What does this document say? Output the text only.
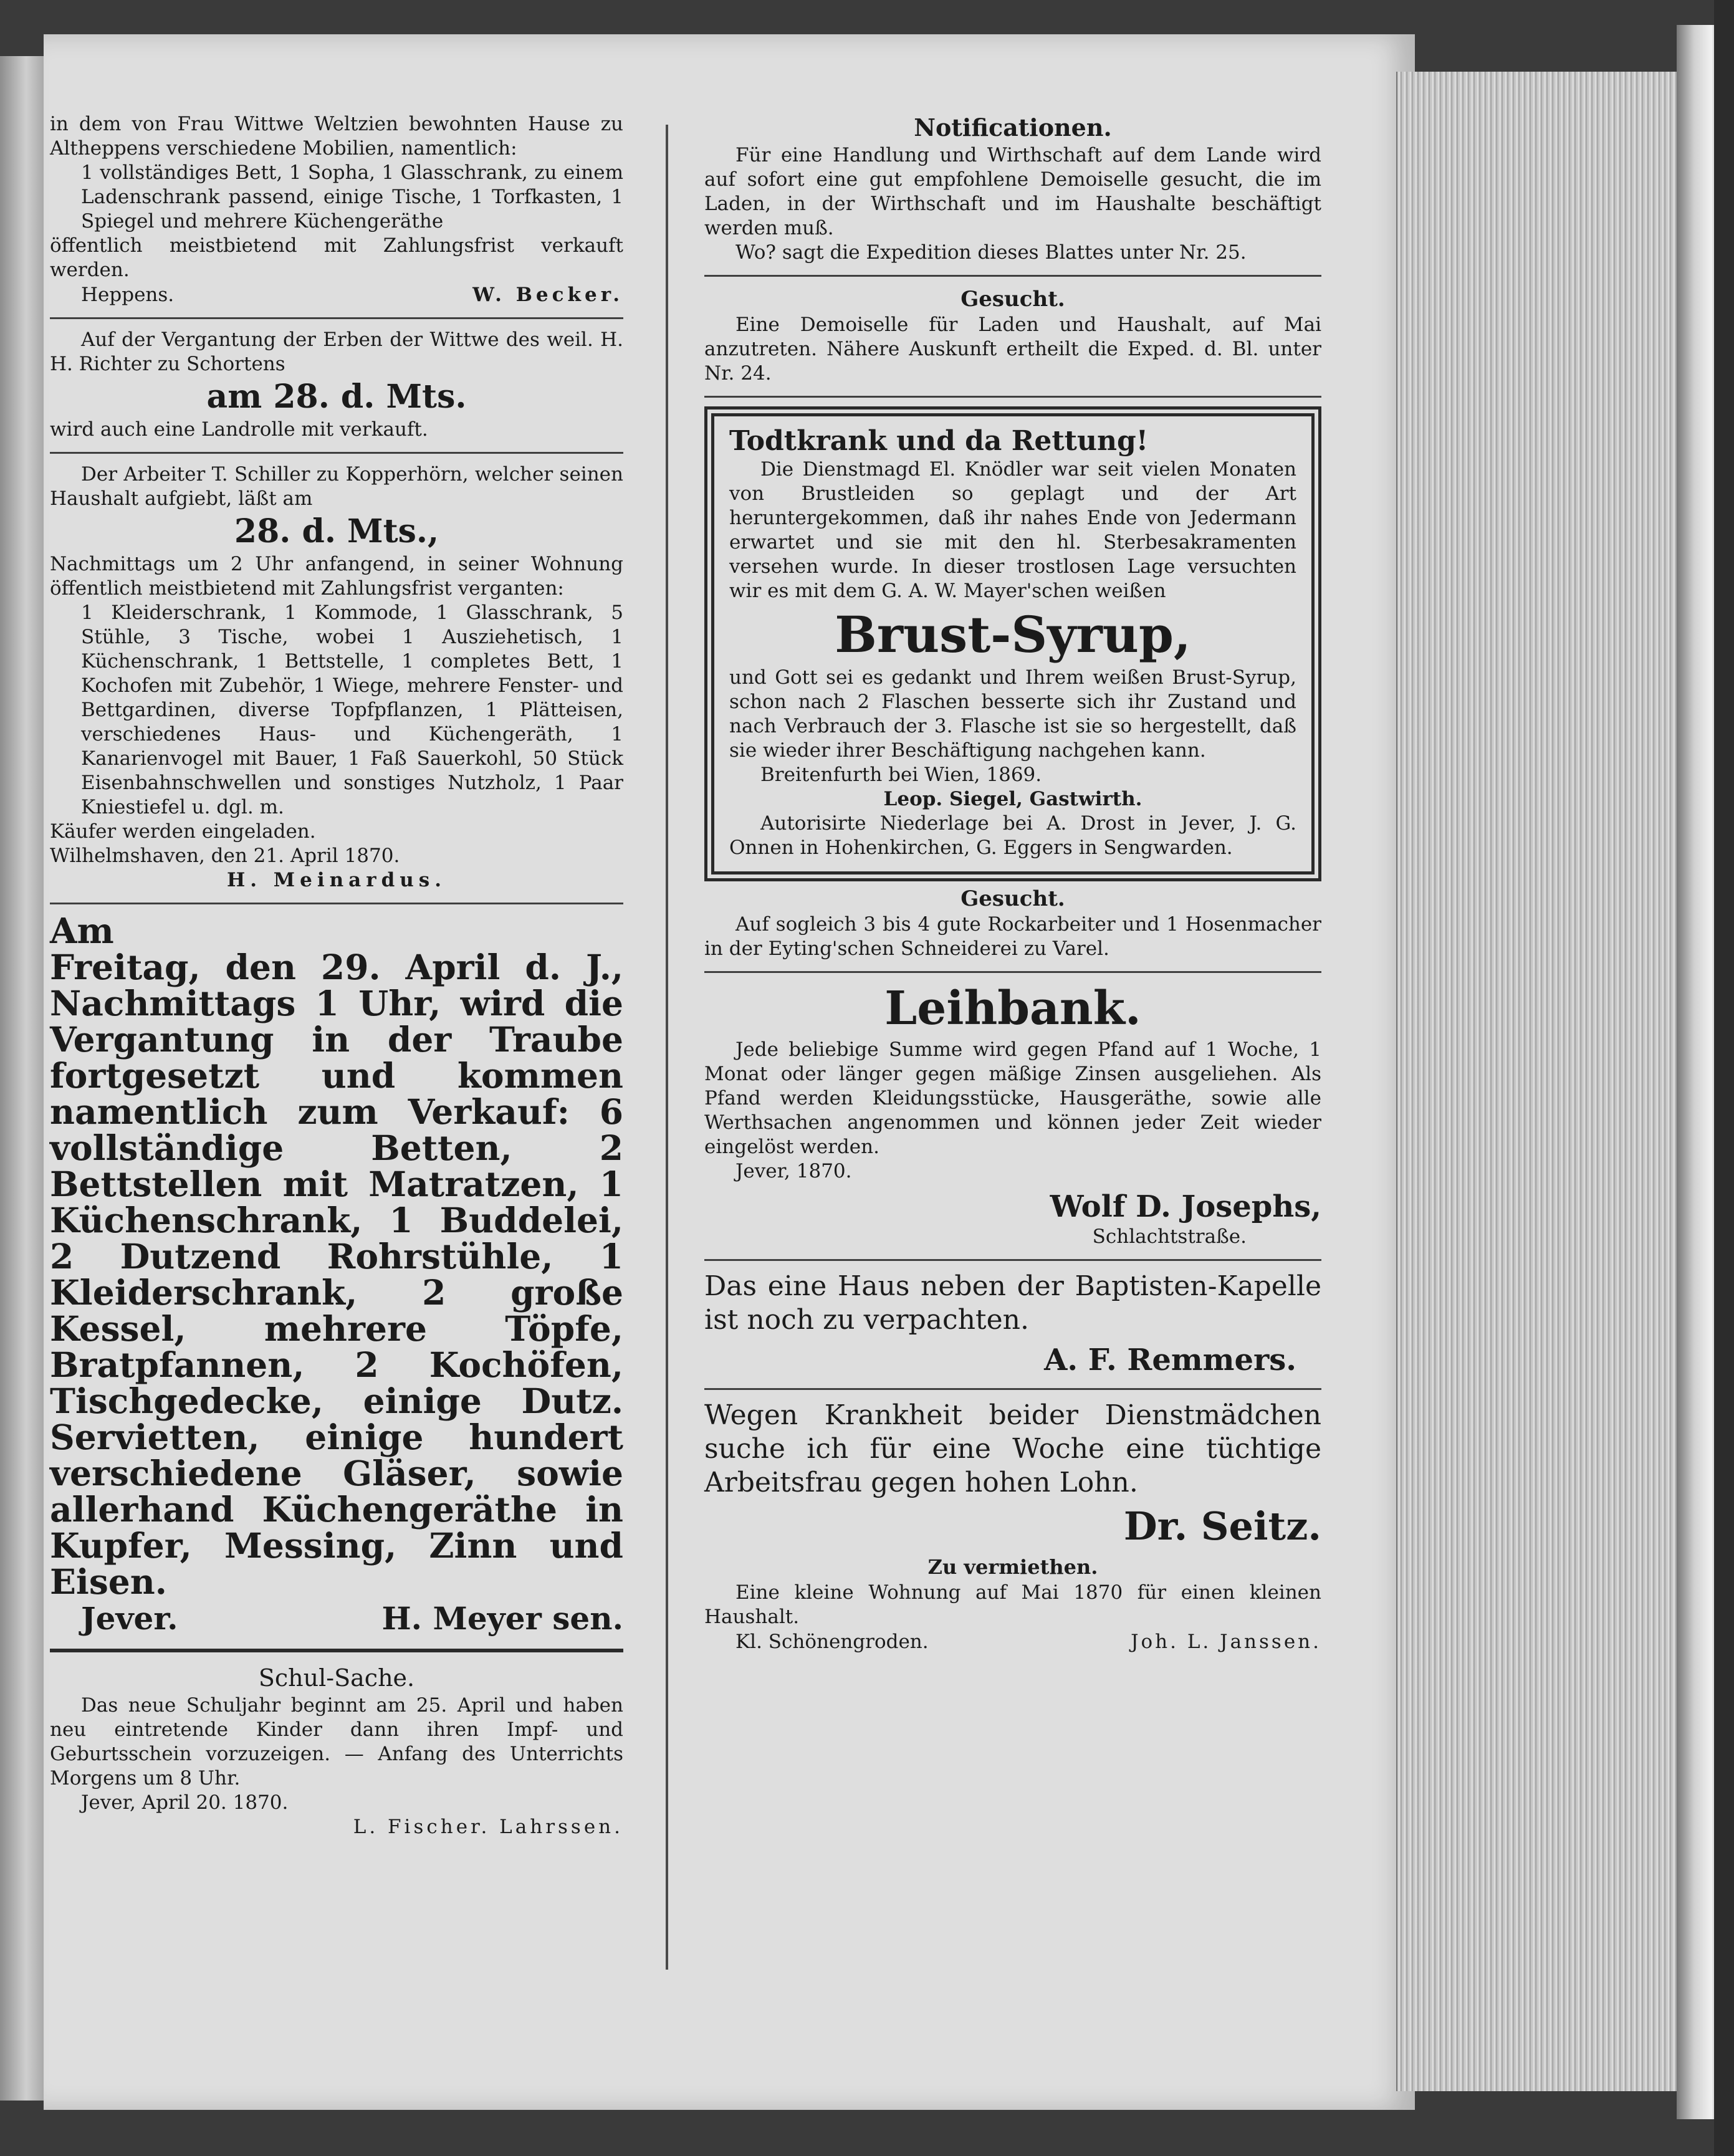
in dem von Frau Wittwe Weltzien bewohnten Hause zu Altheppens verschiedene Mobilien, namentlich:

1 vollständiges Bett, 1 Sopha, 1 Glasschrank, zu einem Ladenschrank passend, einige Tische, 1 Torfkasten, 1 Spiegel und mehrere Küchengeräthe

öffentlich meistbietend mit Zahlungsfrist verkauft werden.

Heppens.	W. Becker.

Auf der Vergantung der Erben der Wittwe des weil. H. H. Richter zu Schortens

am 28. d. Mts.

wird auch eine Landrolle mit verkauft.

Der Arbeiter T. Schiller zu Kopperhörn, welcher seinen Haushalt aufgiebt, läßt am

28. d. Mts.,

Nachmittags um 2 Uhr anfangend, in seiner Wohnung öffentlich meistbietend mit Zahlungsfrist verganten:

1 Kleiderschrank, 1 Kommode, 1 Glasschrank, 5 Stühle, 3 Tische, wobei 1 Ausziehetisch, 1 Küchenschrank, 1 Bettstelle, 1 completes Bett, 1 Kochofen mit Zubehör, 1 Wiege, mehrere Fenster- und Bettgardinen, diverse Topfpflanzen, 1 Plätteisen, verschiedenes Haus- und Küchengeräth, 1 Kanarienvogel mit Bauer, 1 Faß Sauerkohl, 50 Stück Eisenbahnschwellen und sonstiges Nutzholz, 1 Paar Kniestiefel u. dgl. m.

Käufer werden eingeladen.

Wilhelmshaven, den 21. April 1870.

H. Meinardus.

Am

Freitag, den 29. April d. J., Nachmittags 1 Uhr, wird die Vergantung in der Traube fortgesetzt und kommen namentlich zum Verkauf: 6 vollständige Betten, 2 Bettstellen mit Matratzen, 1 Küchenschrank, 1 Buddelei, 2 Dutzend Rohrstühle, 1 Kleiderschrank, 2 große Kessel, mehrere Töpfe, Bratpfannen, 2 Kochöfen, Tischgedecke, einige Dutz. Servietten, einige hundert verschiedene Gläser, sowie allerhand Küchengeräthe in Kupfer, Messing, Zinn und Eisen.

Jever.	H. Meyer sen.

Schul-Sache.

Das neue Schuljahr beginnt am 25. April und haben neu eintretende Kinder dann ihren Impf- und Geburtsschein vorzuzeigen. — Anfang des Unterrichts Morgens um 8 Uhr.

Jever, April 20. 1870.

L. Fischer. Lahrssen.

Notificationen.

Für eine Handlung und Wirthschaft auf dem Lande wird auf sofort eine gut empfohlene Demoiselle gesucht, die im Laden, in der Wirthschaft und im Haushalte beschäftigt werden muß.

Wo? sagt die Expedition dieses Blattes unter Nr. 25.

Gesucht.

Eine Demoiselle für Laden und Haushalt, auf Mai anzutreten. Nähere Auskunft ertheilt die Exped. d. Bl. unter Nr. 24.

Todtkrank und da Rettung!

Die Dienstmagd El. Knödler war seit vielen Monaten von Brustleiden so geplagt und der Art heruntergekommen, daß ihr nahes Ende von Jedermann erwartet und sie mit den hl. Sterbesakramenten versehen wurde. In dieser trostlosen Lage versuchten wir es mit dem G. A. W. Mayer'schen weißen

Brust-Syrup,

und Gott sei es gedankt und Ihrem weißen Brust-Syrup, schon nach 2 Flaschen besserte sich ihr Zustand und nach Verbrauch der 3. Flasche ist sie so hergestellt, daß sie wieder ihrer Beschäftigung nachgehen kann.

Breitenfurth bei Wien, 1869.

Leop. Siegel, Gastwirth.

Autorisirte Niederlage bei A. Drost in Jever, J. G. Onnen in Hohenkirchen, G. Eggers in Sengwarden.

Gesucht.

Auf sogleich 3 bis 4 gute Rockarbeiter und 1 Hosenmacher in der Eyting'schen Schneiderei zu Varel.

Leihbank.

Jede beliebige Summe wird gegen Pfand auf 1 Woche, 1 Monat oder länger gegen mäßige Zinsen ausgeliehen. Als Pfand werden Kleidungsstücke, Hausgeräthe, sowie alle Werthsachen angenommen und können jeder Zeit wieder eingelöst werden.

Jever, 1870.

Wolf D. Josephs,

Schlachtstraße.

Das eine Haus neben der Baptisten-Kapelle ist noch zu verpachten.

A. F. Remmers.

Wegen Krankheit beider Dienstmädchen suche ich für eine Woche eine tüchtige Arbeitsfrau gegen hohen Lohn.

Dr. Seitz.

Zu vermiethen.

Eine kleine Wohnung auf Mai 1870 für einen kleinen Haushalt.

Kl. Schönengroden.	Joh. L. Janssen.
